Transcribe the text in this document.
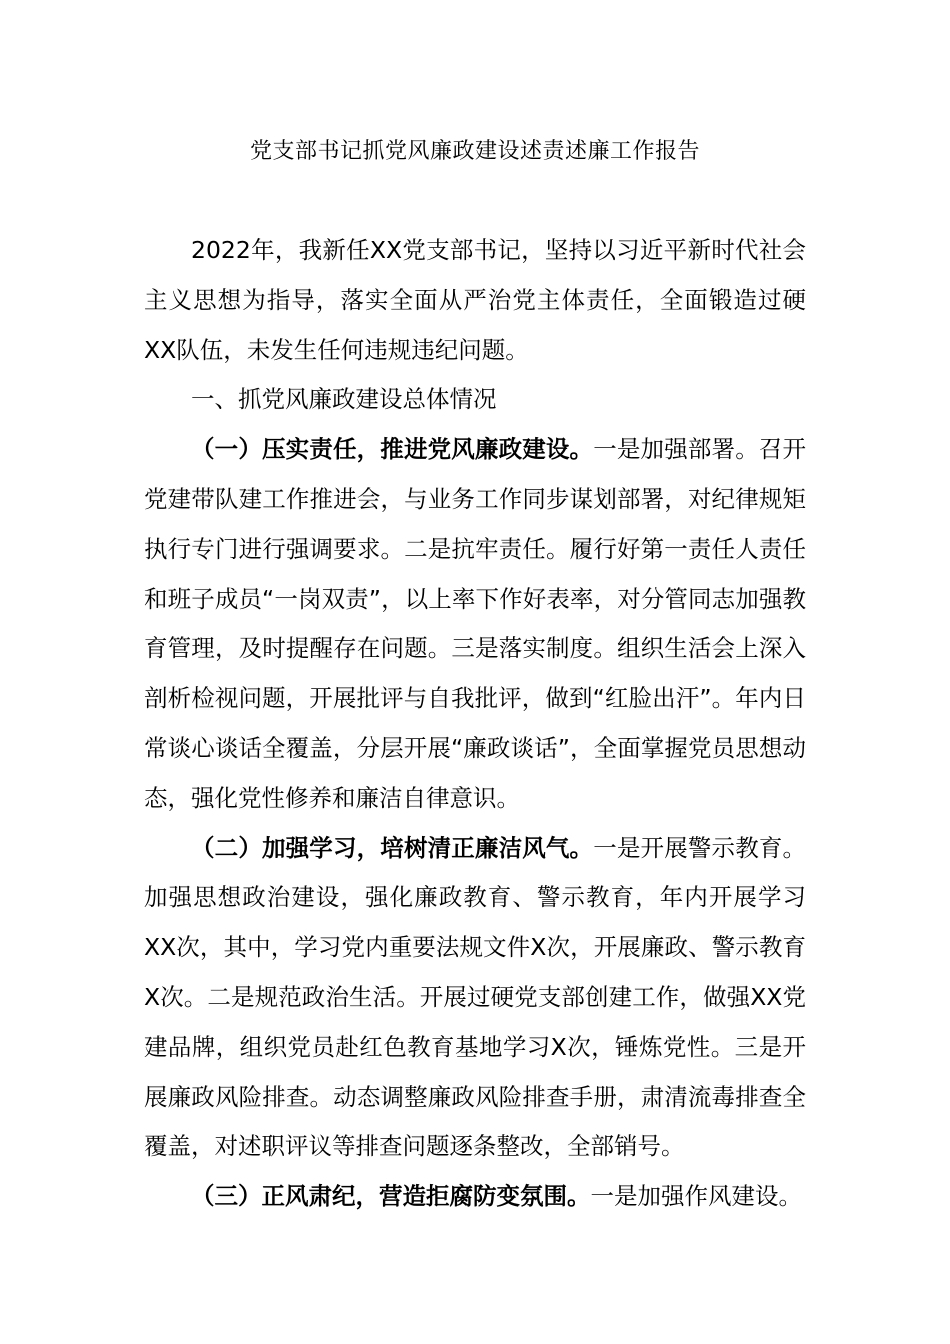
党支部书记抓党风廉政建设述责述廉工作报告

2022年，我新任XX党支部书记，坚持以习近平新时代社会主义思想为指导，落实全面从严治党主体责任，全面锻造过硬XX队伍，未发生任何违规违纪问题。

一、抓党风廉政建设总体情况

（一）压实责任，推进党风廉政建设。一是加强部署。召开党建带队建工作推进会，与业务工作同步谋划部署，对纪律规矩执行专门进行强调要求。二是抗牢责任。履行好第一责任人责任和班子成员“一岗双责”，以上率下作好表率，对分管同志加强教育管理，及时提醒存在问题。三是落实制度。组织生活会上深入剖析检视问题，开展批评与自我批评，做到“红脸出汗”。年内日常谈心谈话全覆盖，分层开展“廉政谈话”，全面掌握党员思想动态，强化党性修养和廉洁自律意识。

（二）加强学习，培树清正廉洁风气。一是开展警示教育。加强思想政治建设，强化廉政教育、警示教育，年内开展学习XX次，其中，学习党内重要法规文件X次，开展廉政、警示教育X次。二是规范政治生活。开展过硬党支部创建工作，做强XX党建品牌，组织党员赴红色教育基地学习X次，锤炼党性。三是开展廉政风险排查。动态调整廉政风险排查手册，肃清流毒排查全覆盖，对述职评议等排查问题逐条整改，全部销号。

（三）正风肃纪，营造拒腐防变氛围。一是加强作风建设。
